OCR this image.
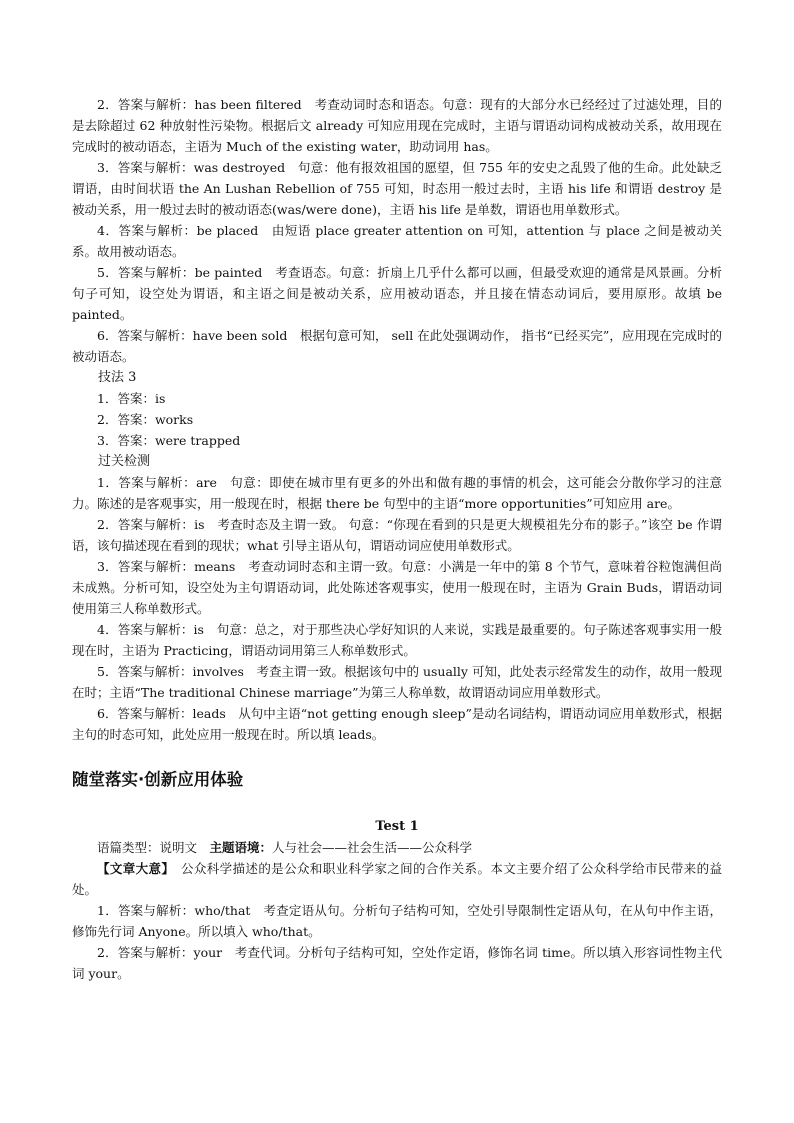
2．答案与解析：has been filtered　考查动词时态和语态。句意：现有的大部分水已经经过了过滤处理，目的是去除超过 62 种放射性污染物。根据后文 already 可知应用现在完成时，主语与谓语动词构成被动关系，故用现在完成时的被动语态，主语为 Much of the existing water，助动词用 has。

3．答案与解析：was destroyed　句意：他有报效祖国的愿望，但 755 年的安史之乱毁了他的生命。此处缺乏谓语，由时间状语 the An Lushan Rebellion of 755 可知，时态用一般过去时，主语 his life 和谓语 destroy 是被动关系，用一般过去时的被动语态(was/were done)，主语 his life 是单数，谓语也用单数形式。

4．答案与解析：be placed　由短语 place greater attention on 可知，attention 与 place 之间是被动关系。故用被动语态。

5．答案与解析：be painted　考查语态。句意：折扇上几乎什么都可以画，但最受欢迎的通常是风景画。分析句子可知，设空处为谓语，和主语之间是被动关系，应用被动语态，并且接在情态动词后，要用原形。故填 be painted。

6．答案与解析：have been sold　根据句意可知， sell 在此处强调动作， 指书“已经买完”，应用现在完成时的被动语态。

技法 3

1．答案：is

2．答案：works

3．答案：were trapped

过关检测

1．答案与解析：are　句意：即使在城市里有更多的外出和做有趣的事情的机会，这可能会分散你学习的注意力。陈述的是客观事实，用一般现在时，根据 there be 句型中的主语“more opportunities”可知应用 are。

2．答案与解析：is　考查时态及主谓一致。 句意：“你现在看到的只是更大规模祖先分布的影子。”该空 be 作谓语，该句描述现在看到的现状；what 引导主语从句，谓语动词应使用单数形式。

3．答案与解析：means　考查动词时态和主谓一致。句意：小满是一年中的第 8 个节气，意味着谷粒饱满但尚未成熟。分析可知，设空处为主句谓语动词，此处陈述客观事实，使用一般现在时，主语为 Grain Buds，谓语动词使用第三人称单数形式。

4．答案与解析：is　句意：总之，对于那些决心学好知识的人来说，实践是最重要的。句子陈述客观事实用一般现在时，主语为 Practicing，谓语动词用第三人称单数形式。

5．答案与解析：involves　考查主谓一致。根据该句中的 usually 可知，此处表示经常发生的动作，故用一般现在时；主语“The traditional Chinese marriage”为第三人称单数，故谓语动词应用单数形式。

6．答案与解析：leads　从句中主语“not getting enough sleep”是动名词结构，谓语动词应用单数形式，根据主句的时态可知，此处应用一般现在时。所以填 leads。

随堂落实·创新应用体验

Test 1

语篇类型：说明文　 主题语境：人与社会——社会生活——公众科学

【文章大意】　 公众科学描述的是公众和职业科学家之间的合作关系。本文主要介绍了公众科学给市民带来的益处。

1．答案与解析：who/that　考查定语从句。分析句子结构可知，空处引导限制性定语从句，在从句中作主语，修饰先行词 Anyone。所以填入 who/that。

2．答案与解析：your　考查代词。分析句子结构可知，空处作定语，修饰名词 time。所以填入形容词性物主代词 your。
